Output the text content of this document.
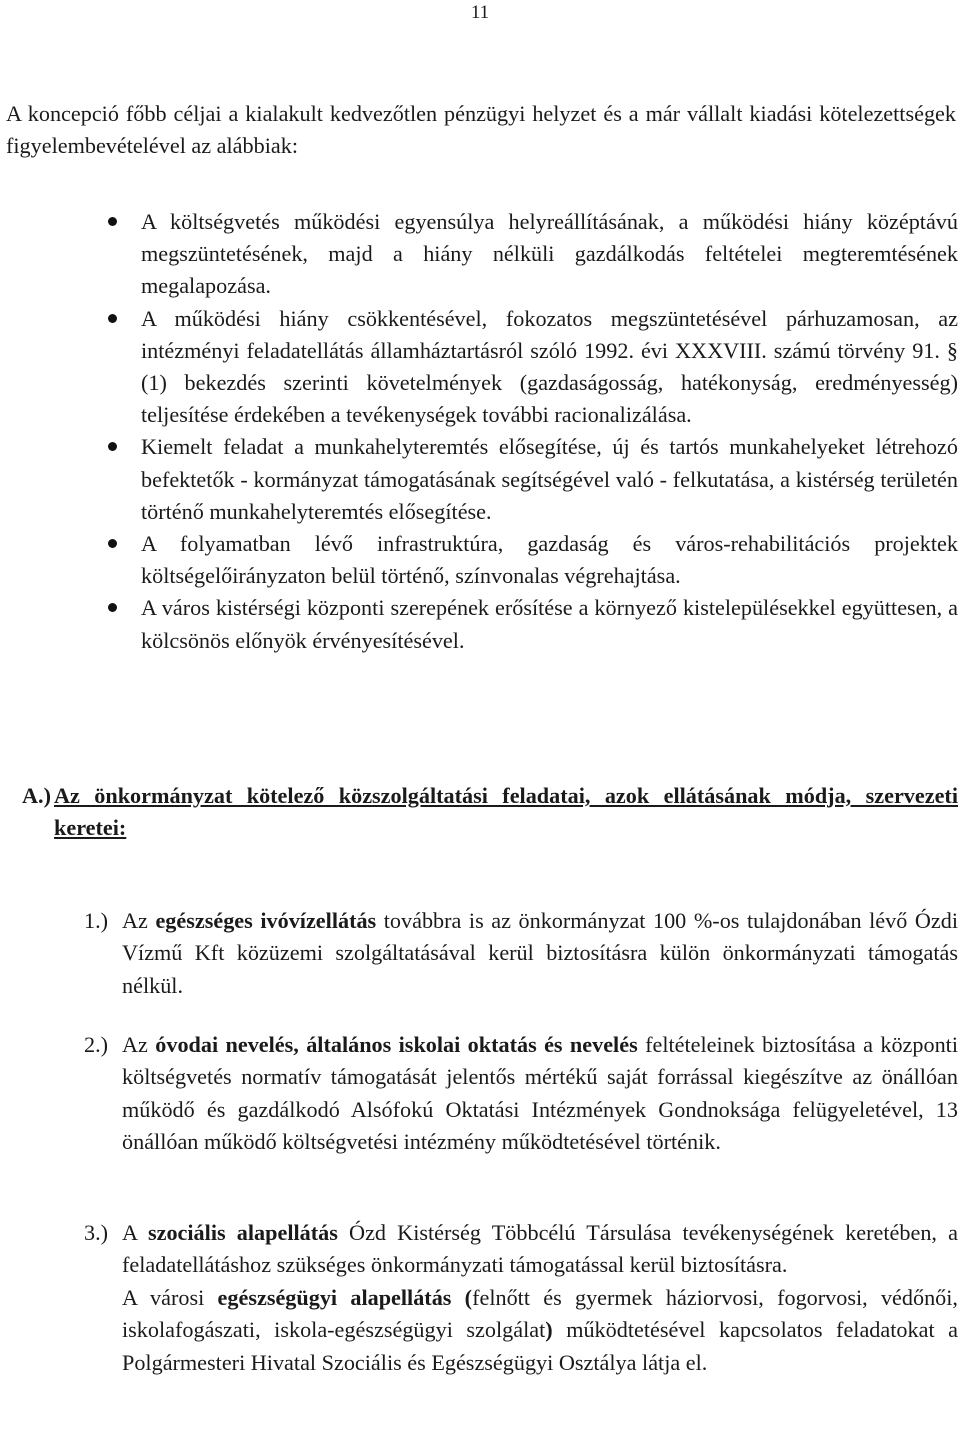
11
A koncepció főbb céljai a kialakult kedvezőtlen pénzügyi helyzet és a már vállalt kiadási kötelezettségek figyelembevételével az alábbiak:
A költségvetés működési egyensúlya helyreállításának, a működési hiány középtávú megszüntetésének, majd a hiány nélküli gazdálkodás feltételei megteremtésének megalapozása.
A működési hiány csökkentésével, fokozatos megszüntetésével párhuzamosan, az intézményi feladatellátás államháztartásról szóló 1992. évi XXXVIII. számú törvény 91. § (1) bekezdés szerinti követelmények (gazdaságosság, hatékonyság, eredményesség) teljesítése érdekében a tevékenységek további racionalizálása.
Kiemelt feladat a munkahelyteremtés elősegítése, új és tartós munkahelyeket létrehozó befektetők - kormányzat támogatásának segítségével való - felkutatása, a kistérség területén történő munkahelyteremtés elősegítése.
A folyamatban lévő infrastruktúra, gazdaság és város-rehabilitációs projektek költségelőirányzaton belül történő, színvonalas végrehajtása.
A város kistérségi központi szerepének erősítése a környező kistelepülésekkel együttesen, a kölcsönös előnyök érvényesítésével.
A.) Az önkormányzat kötelező közszolgáltatási feladatai, azok ellátásának módja, szervezeti keretei:
1.) Az egészséges ivóvízellátás továbbra is az önkormányzat 100 %-os tulajdonában lévő Ózdi Vízmű Kft közüzemi szolgáltatásával kerül biztosításra külön önkormányzati támogatás nélkül.
2.) Az óvodai nevelés, általános iskolai oktatás és nevelés feltételeinek biztosítása a központi költségvetés normatív támogatását jelentős mértékű saját forrással kiegészítve az önállóan működő és gazdálkodó Alsófokú Oktatási Intézmények Gondnoksága felügyeletével, 13 önállóan működő költségvetési intézmény működtetésével történik.
3.) A szociális alapellátás Ózd Kistérség Többcélú Társulása tevékenységének keretében, a feladatellátáshoz szükséges önkormányzati támogatással kerül biztosításra.
A városi egészségügyi alapellátás (felnőtt és gyermek háziorvosi, fogorvosi, védőnői, iskolafogászati, iskola-egészségügyi szolgálat) működtetésével kapcsolatos feladatokat a Polgármesteri Hivatal Szociális és Egészségügyi Osztálya látja el.
